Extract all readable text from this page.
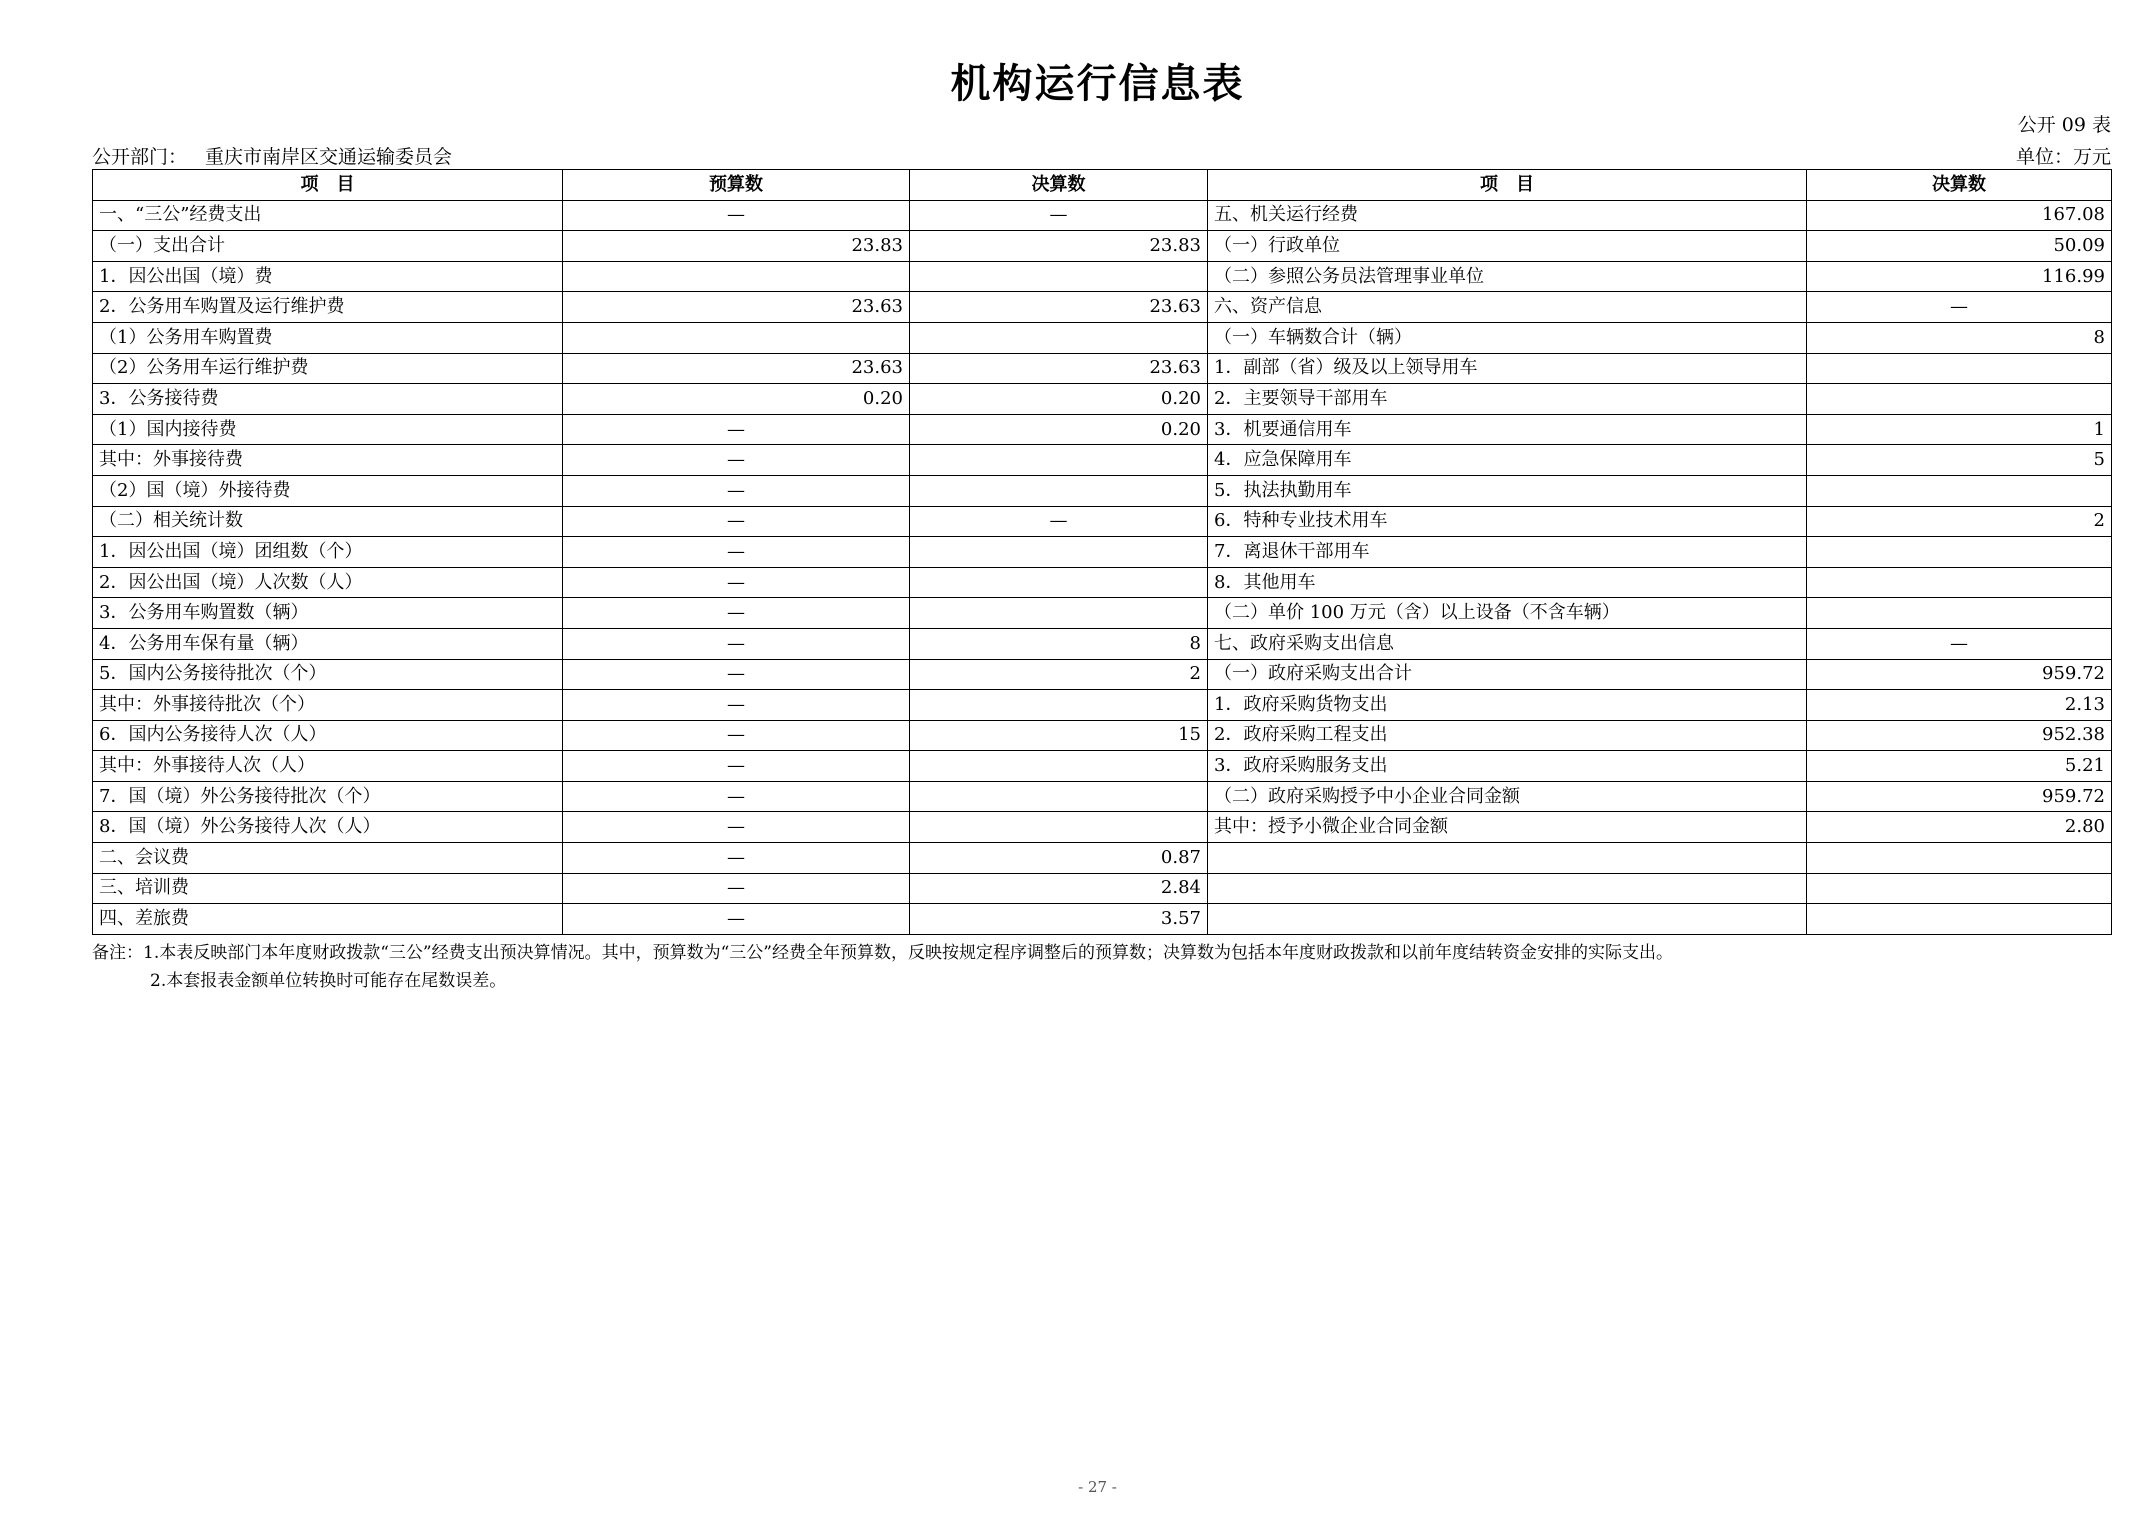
机构运行信息表
公开 09 表
公开部门： 重庆市南岸区交通运输委员会	单位：万元
项　目	预算数	决算数	项　目	决算数
一、“三公”经费支出	—	—	五、机关运行经费	167.08
（一）支出合计	23.83	23.83	（一）行政单位	50.09
1．因公出国（境）费			（二）参照公务员法管理事业单位	116.99
2．公务用车购置及运行维护费	23.63	23.63	六、资产信息	—
（1）公务用车购置费			（一）车辆数合计（辆）	8
（2）公务用车运行维护费	23.63	23.63	1．副部（省）级及以上领导用车	
3．公务接待费	0.20	0.20	2．主要领导干部用车	
（1）国内接待费	—	0.20	3．机要通信用车	1
其中：外事接待费	—		4．应急保障用车	5
（2）国（境）外接待费	—		5．执法执勤用车	
（二）相关统计数	—	—	6．特种专业技术用车	2
1．因公出国（境）团组数（个）	—		7．离退休干部用车	
2．因公出国（境）人次数（人）	—		8．其他用车	
3．公务用车购置数（辆）	—		（二）单价 100 万元（含）以上设备（不含车辆）	
4．公务用车保有量（辆）	—	8	七、政府采购支出信息	—
5．国内公务接待批次（个）	—	2	（一）政府采购支出合计	959.72
其中：外事接待批次（个）	—		1．政府采购货物支出	2.13
6．国内公务接待人次（人）	—	15	2．政府采购工程支出	952.38
其中：外事接待人次（人）	—		3．政府采购服务支出	5.21
7．国（境）外公务接待批次（个）	—		（二）政府采购授予中小企业合同金额	959.72
8．国（境）外公务接待人次（人）	—		其中：授予小微企业合同金额	2.80
二、会议费	—	0.87		
三、培训费	—	2.84		
四、差旅费	—	3.57		
备注：1.本表反映部门本年度财政拨款“三公”经费支出预决算情况。其中，预算数为“三公”经费全年预算数，反映按规定程序调整后的预算数；决算数为包括本年度财政拨款和以前年度结转资金安排的实际支出。
2.本套报表金额单位转换时可能存在尾数误差。
- 27 -
